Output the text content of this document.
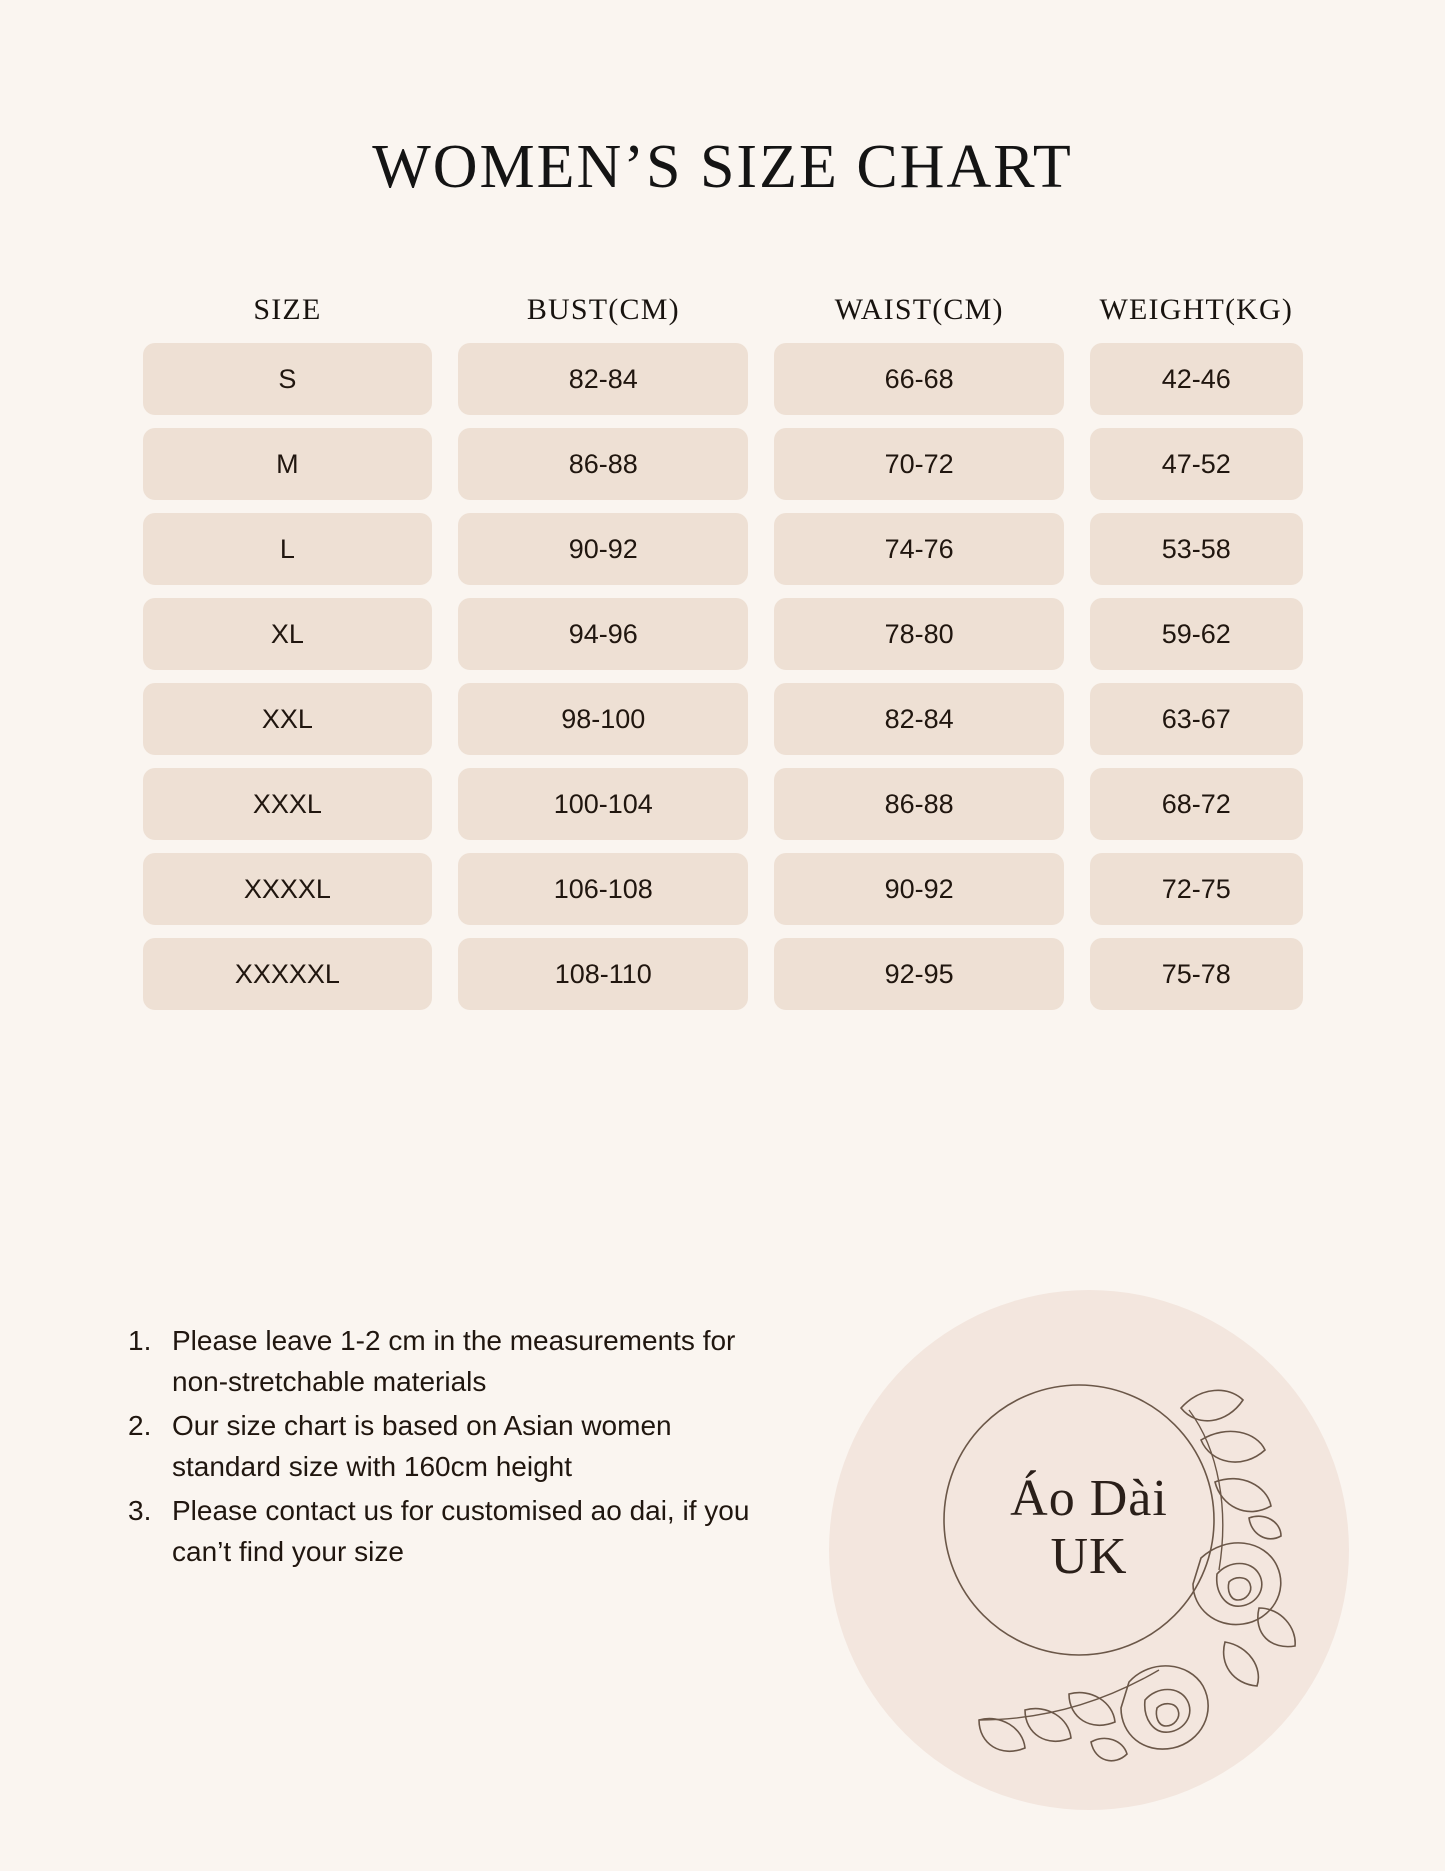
WOMEN’S SIZE CHART
SIZE	BUST(CM)	WAIST(CM)	WEIGHT(KG)
S	82-84	66-68	42-46
M	86-88	70-72	47-52
L	90-92	74-76	53-58
XL	94-96	78-80	59-62
XXL	98-100	82-84	63-67
XXXL	100-104	86-88	68-72
XXXXL	106-108	90-92	72-75
XXXXXL	108-110	92-95	75-78
1. Please leave 1-2 cm in the measurements for non-stretchable materials
2. Our size chart is based on Asian women standard size with 160cm height
3. Please contact us for customised ao dai, if you can’t find your size
Áo Dài
UK
